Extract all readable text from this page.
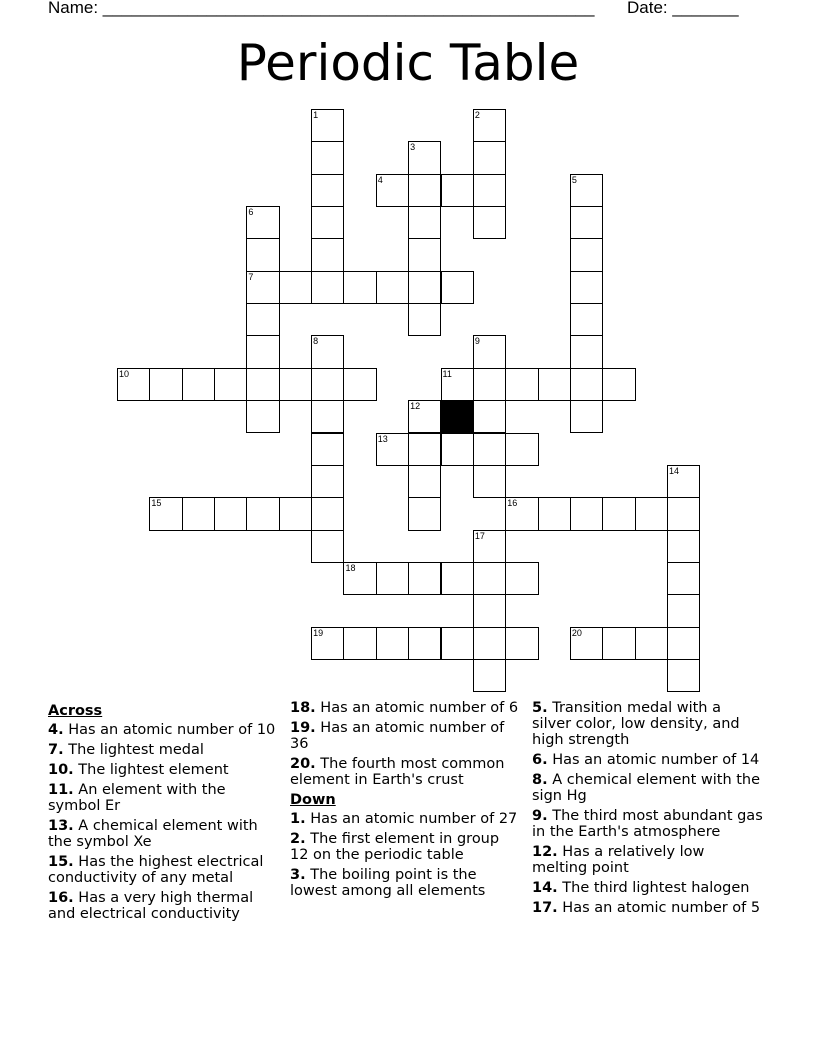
Name: ____________________________________________________ Date: _______
Periodic Table
1	2
3
4	5
6
7
8	9
10	11
12
13
14
15	16
17
18
19	20
Across
4. Has an atomic number of 10
7. The lightest medal
10. The lightest element
11. An element with the symbol Er
13. A chemical element with the symbol Xe
15. Has the highest electrical conductivity of any metal
16. Has a very high thermal and electrical conductivity
18. Has an atomic number of 6
19. Has an atomic number of 36
20. The fourth most common element in Earth's crust
Down
1. Has an atomic number of 27
2. The first element in group 12 on the periodic table
3. The boiling point is the lowest among all elements
5. Transition medal with a silver color, low density, and high strength
6. Has an atomic number of 14
8. A chemical element with the sign Hg
9. The third most abundant gas in the Earth's atmosphere
12. Has a relatively low melting point
14. The third lightest halogen
17. Has an atomic number of 5
